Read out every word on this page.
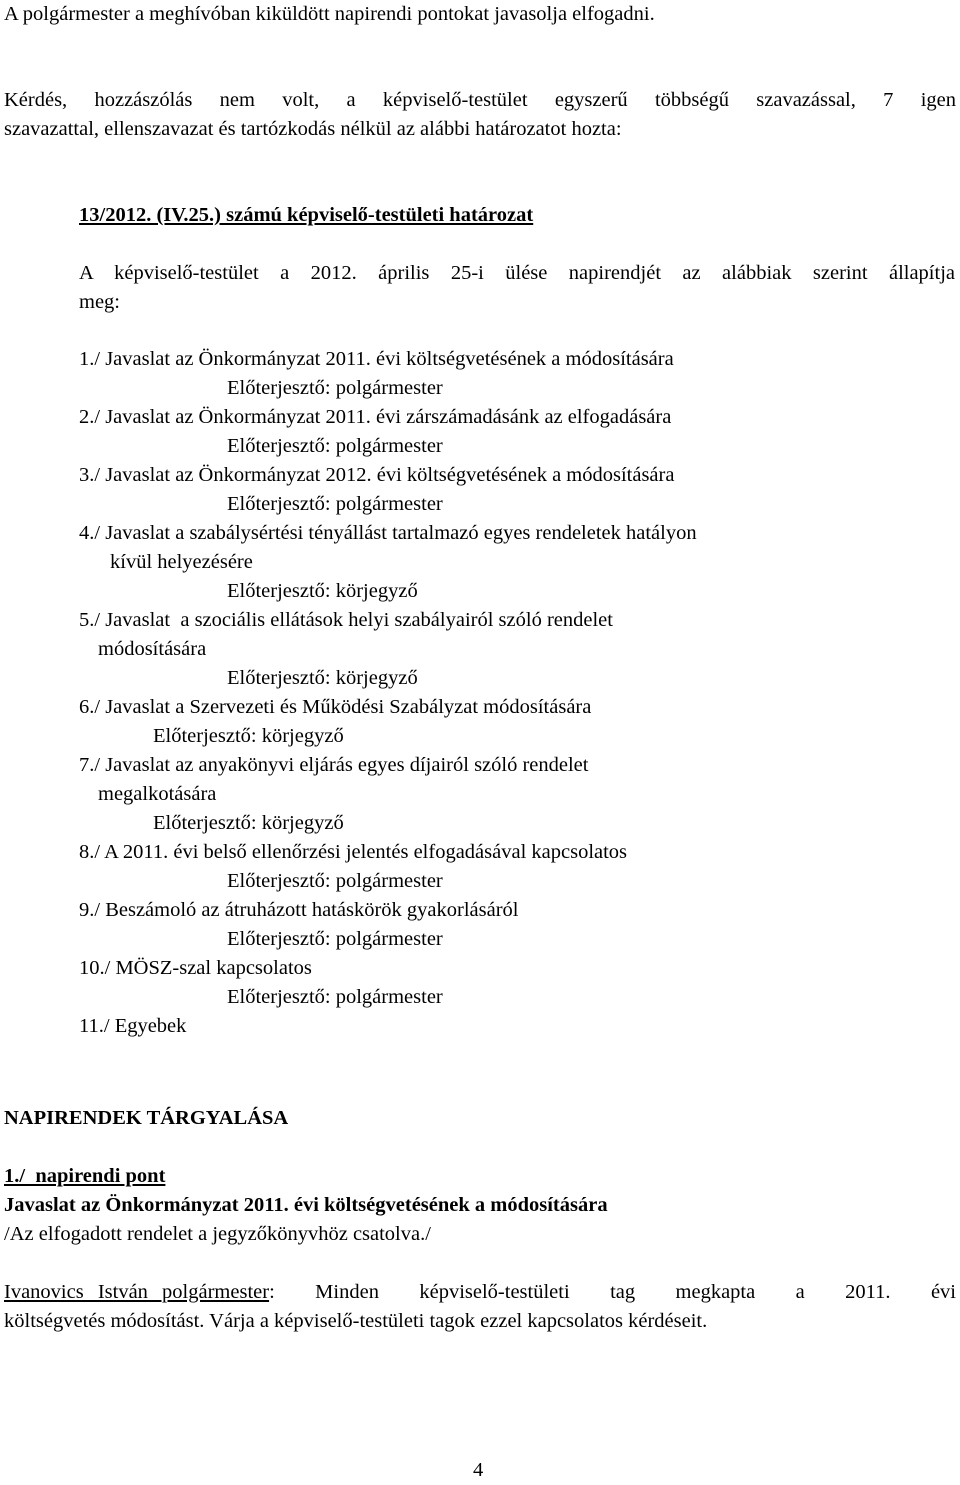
A polgármester a meghívóban kiküldött napirendi pontokat javasolja elfogadni.
Kérdés, hozzászólás nem volt, a képviselő-testület egyszerű többségű szavazással, 7 igen
szavazattal, ellenszavazat és tartózkodás nélkül az alábbi határozatot hozta:
13/2012. (IV.25.) számú képviselő-testületi határozat
A képviselő-testület a 2012. április 25-i ülése napirendjét az alábbiak szerint állapítja
meg:
1./ Javaslat az Önkormányzat 2011. évi költségvetésének a módosítására
Előterjesztő: polgármester
2./ Javaslat az Önkormányzat 2011. évi zárszámadásánk az elfogadására
Előterjesztő: polgármester
3./ Javaslat az Önkormányzat 2012. évi költségvetésének a módosítására
Előterjesztő: polgármester
4./ Javaslat a szabálysértési tényállást tartalmazó egyes rendeletek hatályon
kívül helyezésére
Előterjesztő: körjegyző
5./ Javaslat  a szociális ellátások helyi szabályairól szóló rendelet
módosítására
Előterjesztő: körjegyző
6./ Javaslat a Szervezeti és Működési Szabályzat módosítására
Előterjesztő: körjegyző
7./ Javaslat az anyakönyvi eljárás egyes díjairól szóló rendelet
megalkotására
Előterjesztő: körjegyző
8./ A 2011. évi belső ellenőrzési jelentés elfogadásával kapcsolatos
Előterjesztő: polgármester
9./ Beszámoló az átruházott hatáskörök gyakorlásáról
Előterjesztő: polgármester
10./ MÖSZ-szal kapcsolatos
Előterjesztő: polgármester
11./ Egyebek
NAPIRENDEK TÁRGYALÁSA
1./  napirendi pont
Javaslat az Önkormányzat 2011. évi költségvetésének a módosítására
/Az elfogadott rendelet a jegyzőkönyvhöz csatolva./
Ivanovics István polgármester : Minden képviselő-testületi tag megkapta a 2011. évi
költségvetés módosítást. Várja a képviselő-testületi tagok ezzel kapcsolatos kérdéseit.
4
